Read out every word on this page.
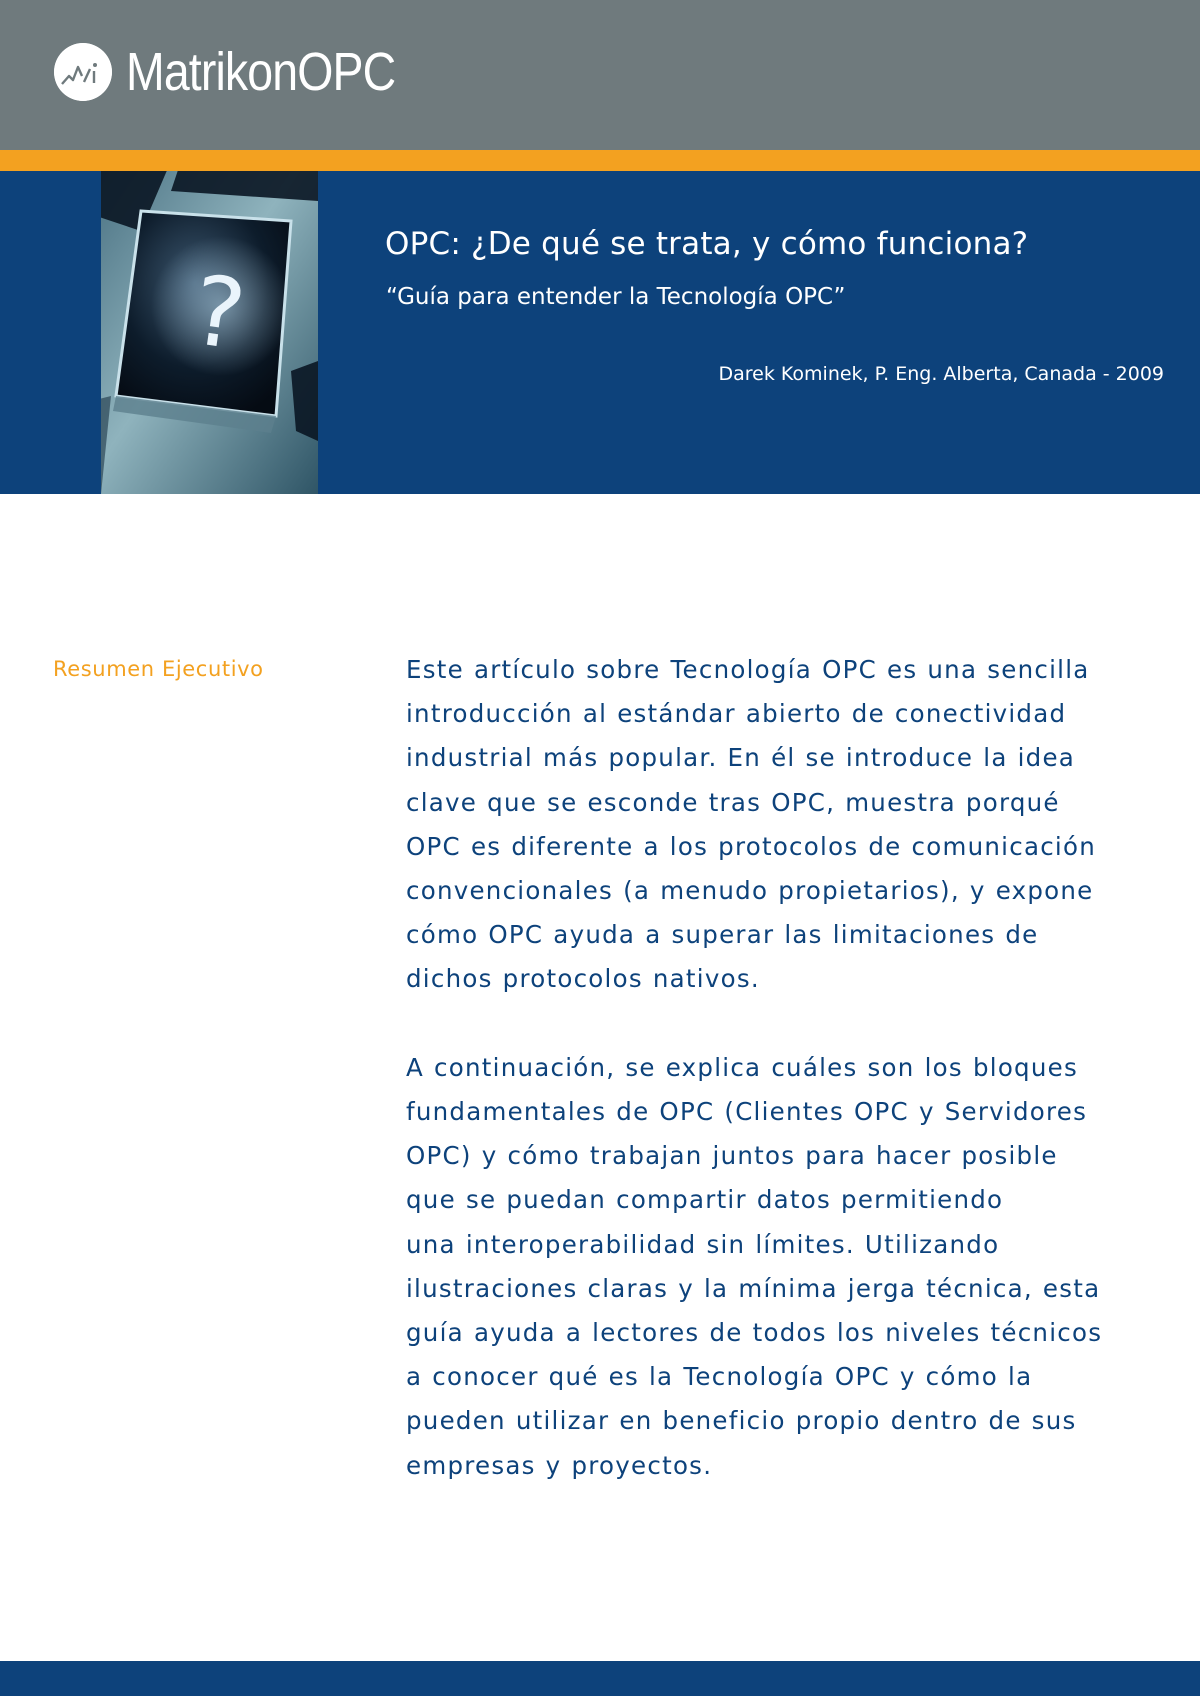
MatrikonOPC
?
OPC: ¿De qué se trata, y cómo funciona?
“Guía para entender la Tecnología OPC”
Darek Kominek, P. Eng. Alberta, Canada - 2009
Resumen Ejecutivo	Este artículo sobre Tecnología OPC es una sencilla
introducción al estándar abierto de conectividad
industrial más popular. En él se introduce la idea
clave que se esconde tras OPC, muestra porqué
OPC es diferente a los protocolos de comunicación
convencionales (a menudo propietarios), y expone
cómo OPC ayuda a superar las limitaciones de
dichos protocolos nativos.

A continuación, se explica cuáles son los bloques
fundamentales de OPC (Clientes OPC y Servidores
OPC) y cómo trabajan juntos para hacer posible
que se puedan compartir datos permitiendo
una interoperabilidad sin límites. Utilizando
ilustraciones claras y la mínima jerga técnica, esta
guía ayuda a lectores de todos los niveles técnicos
a conocer qué es la Tecnología OPC y cómo la
pueden utilizar en beneficio propio dentro de sus
empresas y proyectos.
